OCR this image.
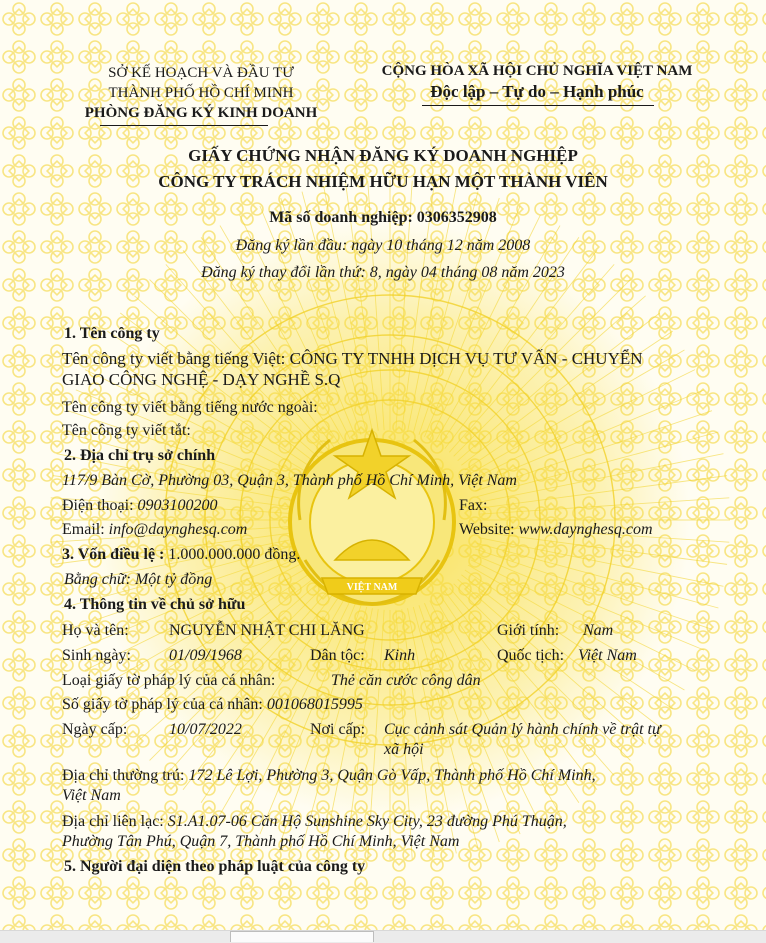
VIỆT NAM
SỞ KẾ HOẠCH VÀ ĐẦU TƯ
THÀNH PHỐ HỒ CHÍ MINH
PHÒNG ĐĂNG KÝ KINH DOANH
CỘNG HÒA XÃ HỘI CHỦ NGHĨA VIỆT NAM
Độc lập – Tự do – Hạnh phúc
GIẤY CHỨNG NHẬN ĐĂNG KÝ DOANH NGHIỆP
CÔNG TY TRÁCH NHIỆM HỮU HẠN MỘT THÀNH VIÊN
Mã số doanh nghiệp: 0306352908
Đăng ký lần đầu: ngày 10 tháng 12 năm 2008
Đăng ký thay đổi lần thứ: 8, ngày 04 tháng 08 năm 2023
1. Tên công ty
Tên công ty viết bằng tiếng Việt: CÔNG TY TNHH DỊCH VỤ TƯ VẤN - CHUYỂN
GIAO CÔNG NGHỆ - DẠY NGHỀ S.Q
Tên công ty viết bằng tiếng nước ngoài:
Tên công ty viết tắt:
2. Địa chỉ trụ sở chính
117/9 Bàn Cờ, Phường 03, Quận 3, Thành phố Hồ Chí Minh, Việt Nam
Điện thoại: 0903100200	Fax:
Email: info@daynghesq.com	Website: www.daynghesq.com
3. Vốn điều lệ : 1.000.000.000 đồng.
Bằng chữ: Một tỷ đồng
4. Thông tin về chủ sở hữu
Họ và tên:	NGUYỄN NHẬT CHI LĂNG	Giới tính: Nam
Sinh ngày: 01/09/1968	Dân tộc: Kinh	Quốc tịch: Việt Nam
Loại giấy tờ pháp lý của cá nhân:	Thẻ căn cước công dân
Số giấy tờ pháp lý của cá nhân: 001068015995
Ngày cấp:	10/07/2022	Nơi cấp: Cục cảnh sát Quản lý hành chính về trật tự
xã hội
Địa chỉ thường trú: 172 Lê Lợi, Phường 3, Quận Gò Vấp, Thành phố Hồ Chí Minh,
Việt Nam
Địa chỉ liên lạc: S1.A1.07-06 Căn Hộ Sunshine Sky City, 23 đường Phú Thuận,
Phường Tân Phú, Quận 7, Thành phố Hồ Chí Minh, Việt Nam
5. Người đại diện theo pháp luật của công ty
